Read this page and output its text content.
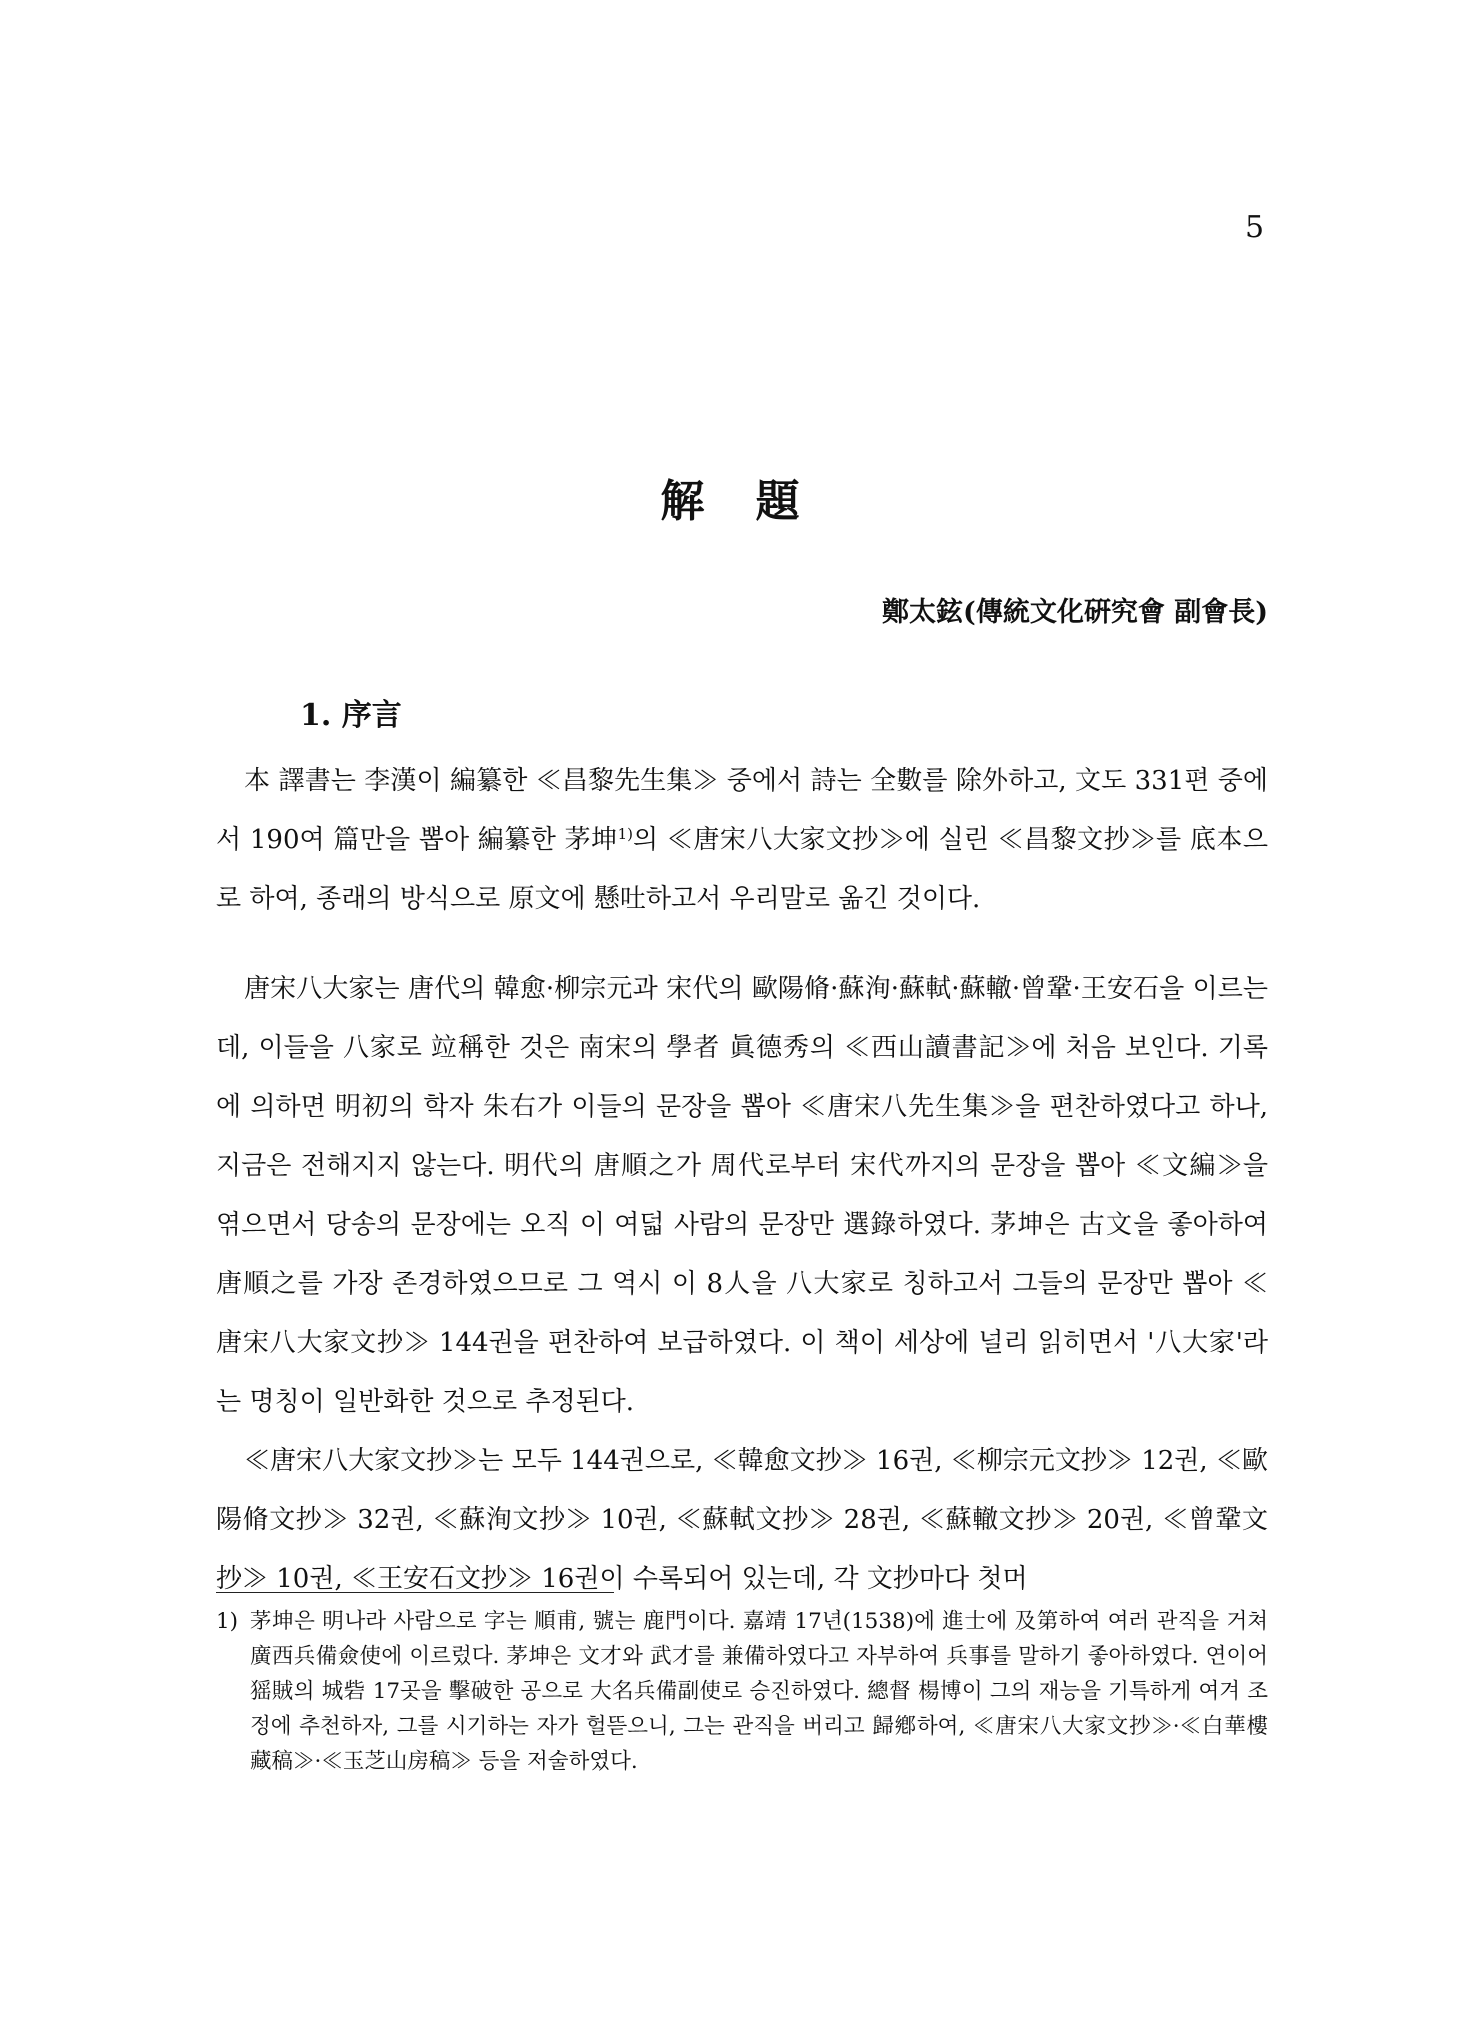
5
解 題
鄭太鉉(傳統文化硏究會 副會長)
1. 序言

本 譯書는 李漢이 編纂한 ≪昌黎先生集≫ 중에서 詩는 全數를 除外하고, 文도 331편 중에서 190여 篇만을 뽑아 編纂한 茅坤$^{1)}$의 ≪唐宋八大家文抄≫에 실린 ≪昌黎文抄≫를 底本으로 하여, 종래의 방식으로 原文에 懸吐하고서 우리말로 옮긴 것이다.

唐宋八大家는 唐代의 韓愈·柳宗元과 宋代의 歐陽脩·蘇洵·蘇軾·蘇轍·曾鞏·王安石을 이르는데, 이들을 八家로 竝稱한 것은 南宋의 學者 眞德秀의 ≪西山讀書記≫에 처음 보인다. 기록에 의하면 明初의 학자 朱右가 이들의 문장을 뽑아 ≪唐宋八先生集≫을 편찬하였다고 하나, 지금은 전해지지 않는다. 明代의 唐順之가 周代로부터 宋代까지의 문장을 뽑아 ≪文編≫을 엮으면서 당송의 문장에는 오직 이 여덟 사람의 문장만 選錄하였다. 茅坤은 古文을 좋아하여 唐順之를 가장 존경하였으므로 그 역시 이 8人을 八大家로 칭하고서 그들의 문장만 뽑아 ≪唐宋八大家文抄≫ 144권을 편찬하여 보급하였다. 이 책이 세상에 널리 읽히면서 '八大家'라는 명칭이 일반화한 것으로 추정된다.

≪唐宋八大家文抄≫는 모두 144권으로, ≪韓愈文抄≫ 16권, ≪柳宗元文抄≫ 12권, ≪歐陽脩文抄≫ 32권, ≪蘇洵文抄≫ 10권, ≪蘇軾文抄≫ 28권, ≪蘇轍文抄≫ 20권, ≪曾鞏文抄≫ 10권, ≪王安石文抄≫ 16권이 수록되어 있는데, 각 文抄마다 첫머

1) 茅坤은 明나라 사람으로 字는 順甫, 號는 鹿門이다. 嘉靖 17년(1538)에 進士에 及第하여 여러 관직을 거쳐 廣西兵備僉使에 이르렀다. 茅坤은 文才와 武才를 兼備하였다고 자부하여 兵事를 말하기 좋아하였다. 연이어 猺賊의 城砦 17곳을 擊破한 공으로 大名兵備副使로 승진하였다. 總督 楊博이 그의 재능을 기특하게 여겨 조정에 추천하자, 그를 시기하는 자가 헐뜯으니, 그는 관직을 버리고 歸鄕하여, ≪唐宋八大家文抄≫·≪白華樓藏稿≫·≪玉芝山房稿≫ 등을 저술하였다.
